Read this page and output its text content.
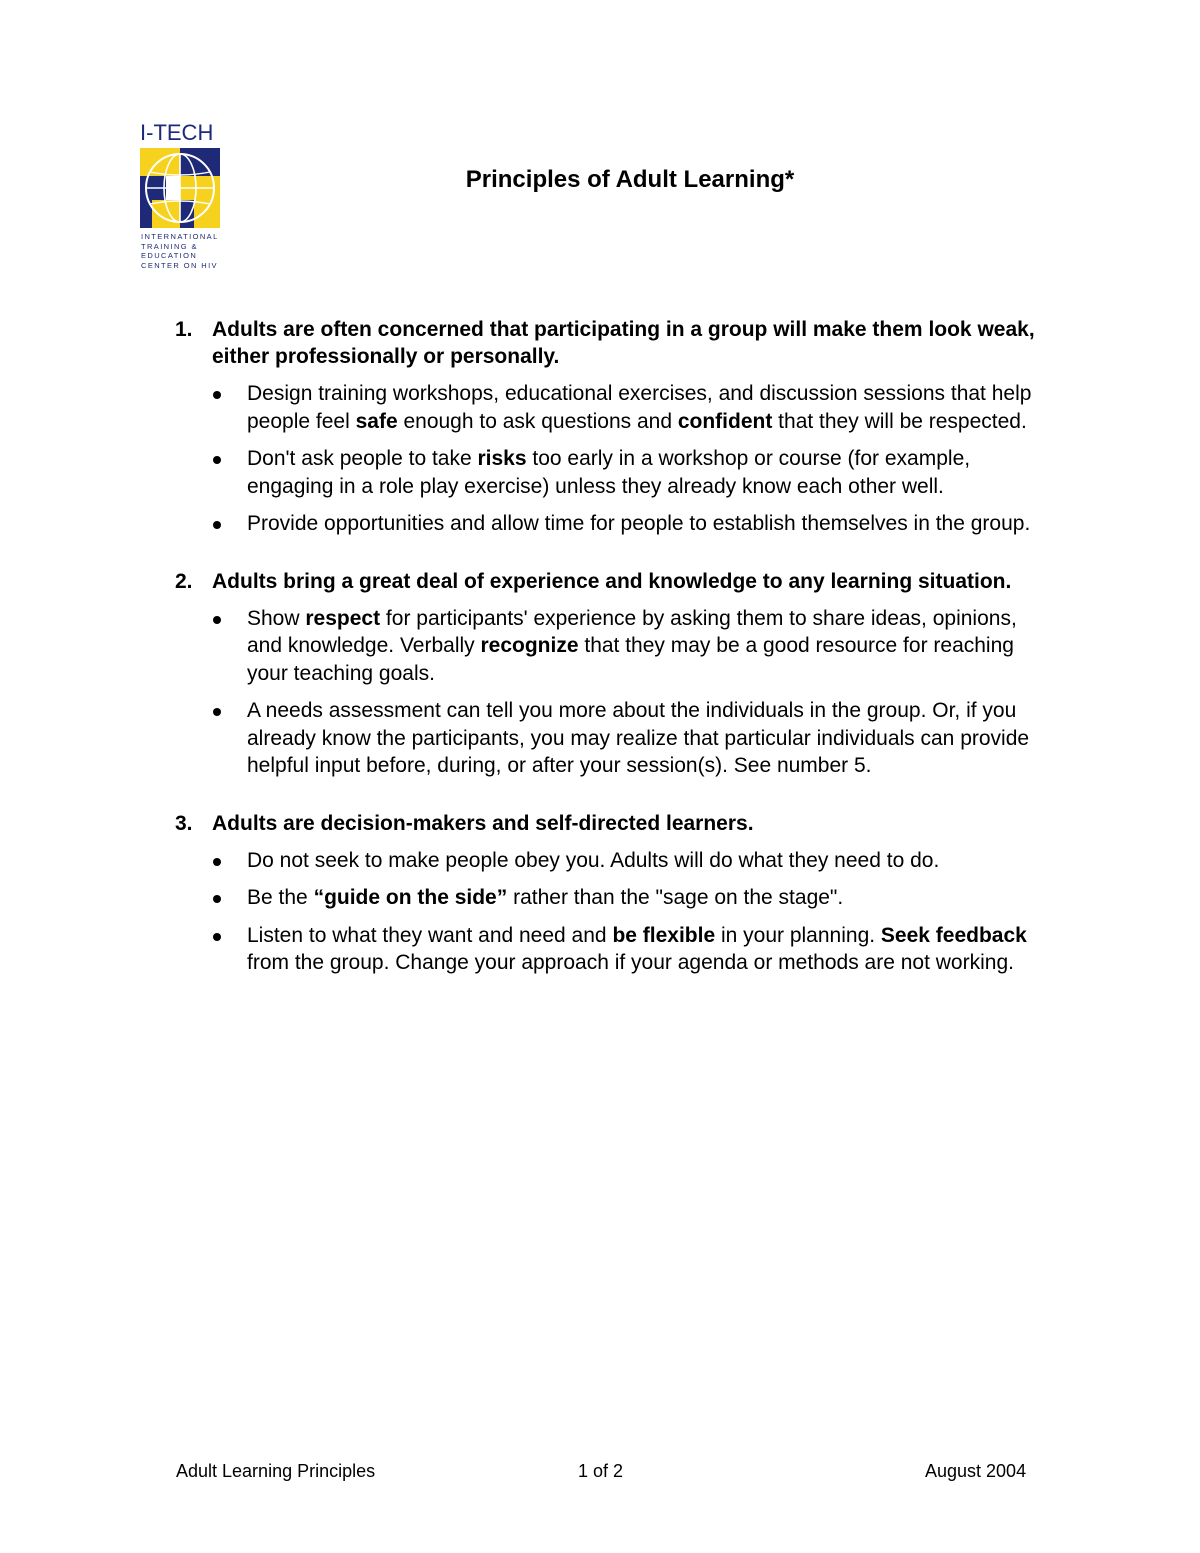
I-TECH
INTERNATIONAL
TRAINING &
EDUCATION
CENTER ON HIV
Principles of Adult Learning*
1. Adults are often concerned that participating in a group will make them look weak, either professionally or personally.
Design training workshops, educational exercises, and discussion sessions that help people feel safe enough to ask questions and confident that they will be respected.
Don't ask people to take risks too early in a workshop or course (for example, engaging in a role play exercise) unless they already know each other well.
Provide opportunities and allow time for people to establish themselves in the group.
2. Adults bring a great deal of experience and knowledge to any learning situation.
Show respect for participants' experience by asking them to share ideas, opinions, and knowledge. Verbally recognize that they may be a good resource for reaching your teaching goals.
A needs assessment can tell you more about the individuals in the group. Or, if you already know the participants, you may realize that particular individuals can provide helpful input before, during, or after your session(s). See number 5.
3. Adults are decision-makers and self-directed learners.
Do not seek to make people obey you. Adults will do what they need to do.
Be the “guide on the side” rather than the "sage on the stage".
Listen to what they want and need and be flexible in your planning. Seek feedback from the group. Change your approach if your agenda or methods are not working.
Adult Learning Principles	1 of 2	August 2004
